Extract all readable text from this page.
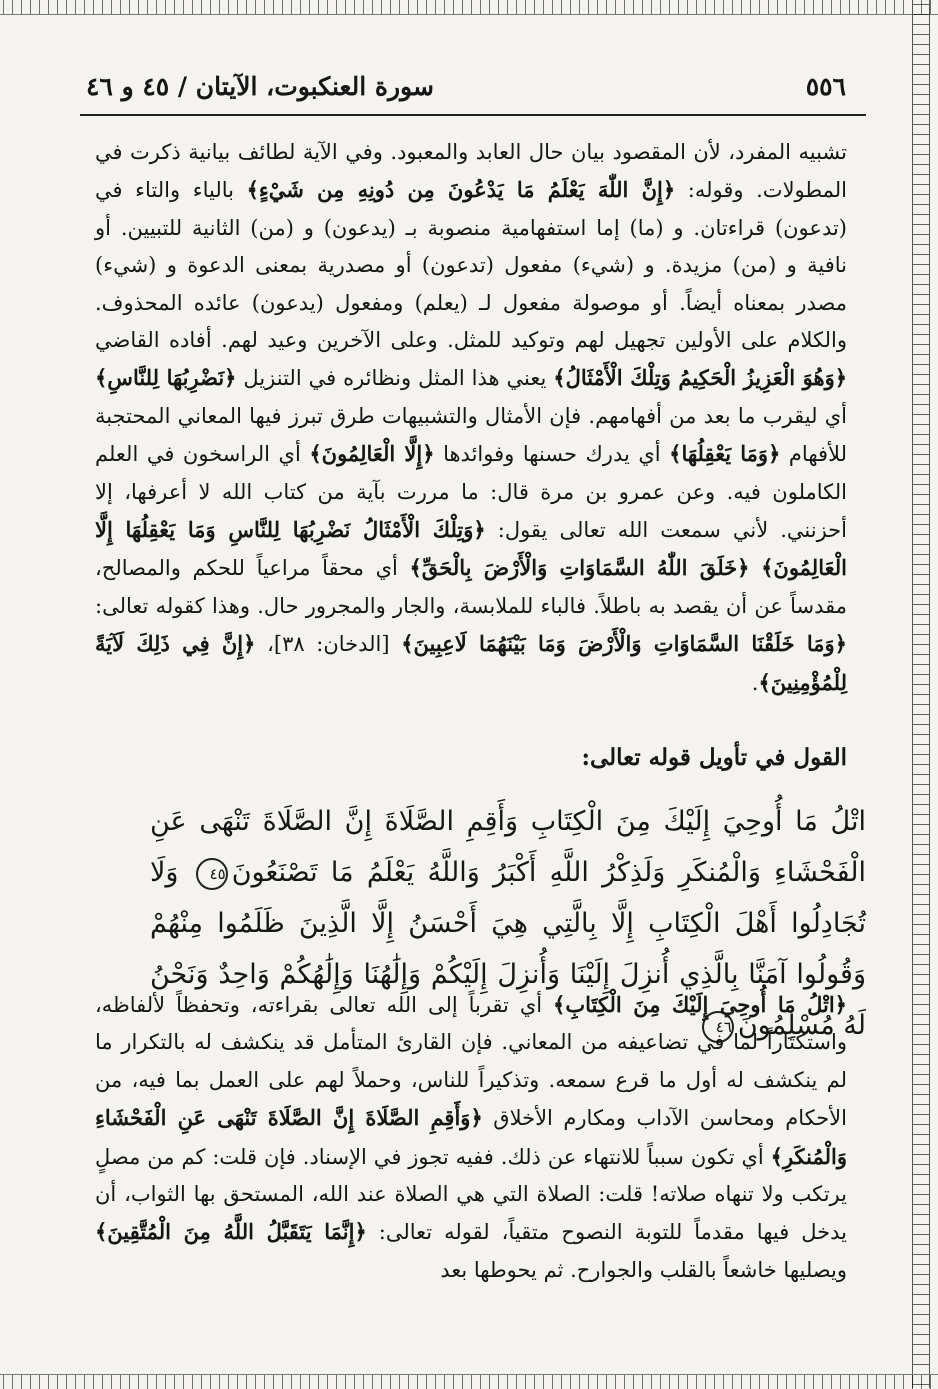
٥٥٦
سورة العنكبوت، الآيتان / ٤٥ و ٤٦
تشبيه المفرد، لأن المقصود بيان حال العابد والمعبود. وفي الآية لطائف بيانية ذكرت في المطولات. وقوله: ﴿إِنَّ اللّٰهَ يَعْلَمُ مَا يَدْعُونَ مِن دُونِهِ مِن شَيْءٍ﴾ بالياء والتاء في (تدعون) قراءتان. و (ما) إما استفهامية منصوبة بـ (يدعون) و (من) الثانية للتبيين. أو نافية و (من) مزيدة. و (شيء) مفعول (تدعون) أو مصدرية بمعنى الدعوة و (شيء) مصدر بمعناه أيضاً. أو موصولة مفعول لـ (يعلم) ومفعول (يدعون) عائده المحذوف. والكلام على الأولين تجهيل لهم وتوكيد للمثل. وعلى الآخرين وعيد لهم. أفاده القاضي ﴿وَهُوَ الْعَزِيزُ الْحَكِيمُ وَتِلْكَ الْأَمْثَالُ﴾ يعني هذا المثل ونظائره في التنزيل ﴿نَضْرِبُهَا لِلنَّاسِ﴾ أي ليقرب ما بعد من أفهامهم. فإن الأمثال والتشبيهات طرق تبرز فيها المعاني المحتجبة للأفهام ﴿وَمَا يَعْقِلُهَا﴾ أي يدرك حسنها وفوائدها ﴿إِلَّا الْعَالِمُونَ﴾ أي الراسخون في العلم الكاملون فيه. وعن عمرو بن مرة قال: ما مررت بآية من كتاب الله لا أعرفها، إلا أحزنني. لأني سمعت الله تعالى يقول: ﴿وَتِلْكَ الْأَمْثَالُ نَضْرِبُهَا لِلنَّاسِ وَمَا يَعْقِلُهَا إِلَّا الْعَالِمُونَ﴾ ﴿خَلَقَ اللّٰهُ السَّمَاوَاتِ وَالْأَرْضَ بِالْحَقِّ﴾ أي محقاً مراعياً للحكم والمصالح، مقدساً عن أن يقصد به باطلاً. فالباء للملابسة، والجار والمجرور حال. وهذا كقوله تعالى: ﴿وَمَا خَلَقْنَا السَّمَاوَاتِ وَالْأَرْضَ وَمَا بَيْنَهُمَا لَاعِبِينَ﴾ [الدخان: ٣٨]، ﴿إِنَّ فِي ذَلِكَ لَآيَةً لِلْمُؤْمِنِينَ﴾.
القول في تأويل قوله تعالى:
اتْلُ مَا أُوحِيَ إِلَيْكَ مِنَ الْكِتَابِ وَأَقِمِ الصَّلَاةَ إِنَّ الصَّلَاةَ تَنْهَى عَنِ الْفَحْشَاءِ وَالْمُنكَرِ وَلَذِكْرُ اللَّهِ أَكْبَرُ وَاللَّهُ يَعْلَمُ مَا تَصْنَعُونَ٤٥ وَلَا تُجَادِلُوا أَهْلَ الْكِتَابِ إِلَّا بِالَّتِي هِيَ أَحْسَنُ إِلَّا الَّذِينَ ظَلَمُوا مِنْهُمْ وَقُولُوا آمَنَّا بِالَّذِي أُنزِلَ إِلَيْنَا وَأُنزِلَ إِلَيْكُمْ وَإِلَٰهُنَا وَإِلَٰهُكُمْ وَاحِدٌ وَنَحْنُ لَهُ مُسْلِمُونَ٤٦
﴿اتْلُ مَا أُوحِيَ إِلَيْكَ مِنَ الْكِتَابِ﴾ أي تقرباً إلى الله تعالى بقراءته، وتحفظاً لألفاظه، واستكثاراً لما في تضاعيفه من المعاني. فإن القارئ المتأمل قد ينكشف له بالتكرار ما لم ينكشف له أول ما قرع سمعه. وتذكيراً للناس، وحملاً لهم على العمل بما فيه، من الأحكام ومحاسن الآداب ومكارم الأخلاق ﴿وَأَقِمِ الصَّلَاةَ إِنَّ الصَّلَاةَ تَنْهَى عَنِ الْفَحْشَاءِ وَالْمُنكَرِ﴾ أي تكون سبباً للانتهاء عن ذلك. ففيه تجوز في الإسناد. فإن قلت: كم من مصلٍ يرتكب ولا تنهاه صلاته! قلت: الصلاة التي هي الصلاة عند الله، المستحق بها الثواب، أن يدخل فيها مقدماً للتوبة النصوح متقياً، لقوله تعالى: ﴿إِنَّمَا يَتَقَبَّلُ اللَّهُ مِنَ الْمُتَّقِينَ﴾ ويصليها خاشعاً بالقلب والجوارح. ثم يحوطها بعد
